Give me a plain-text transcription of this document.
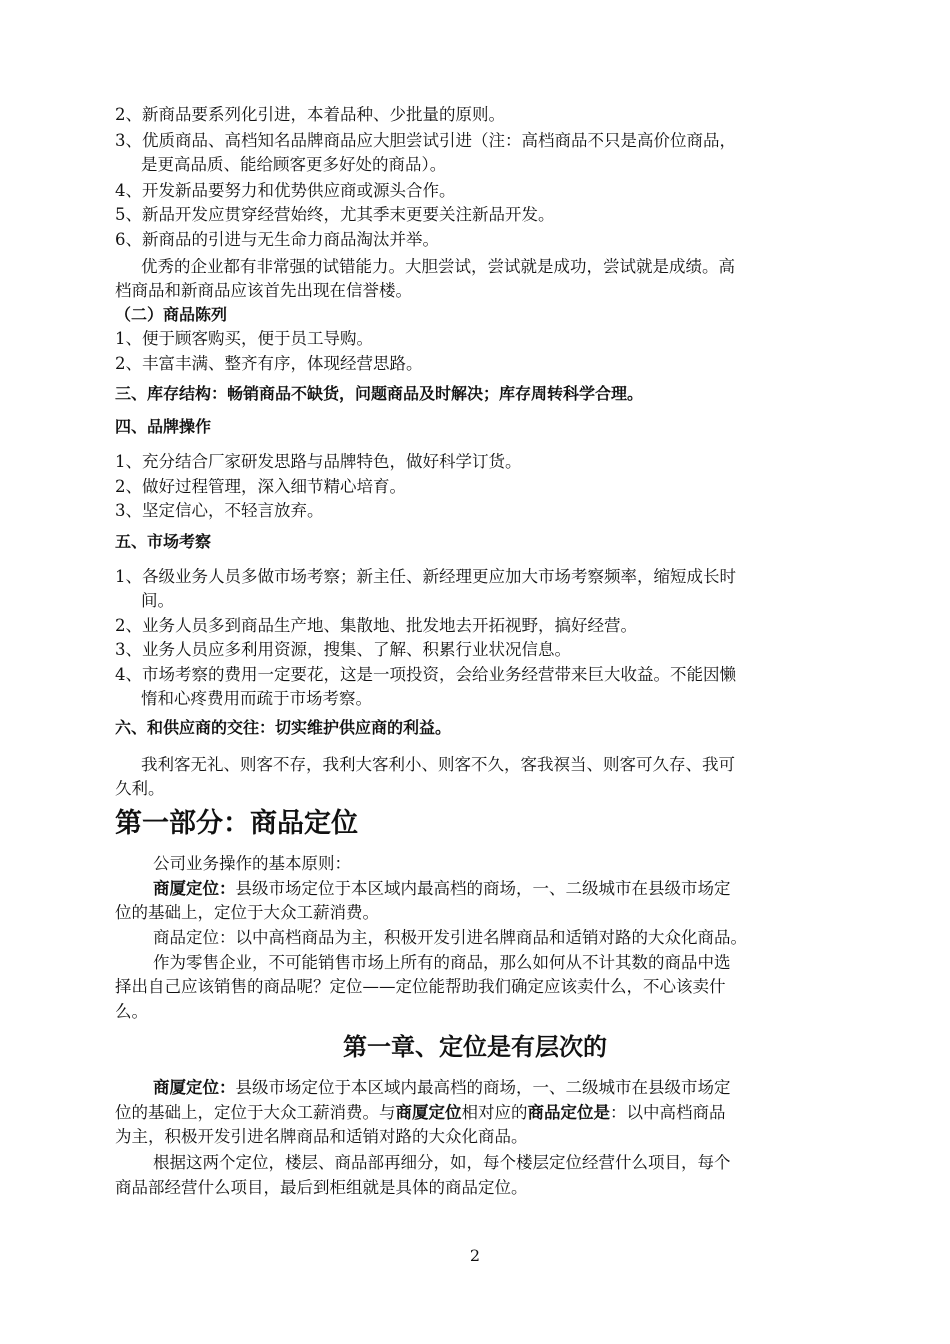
2、新商品要系列化引进，本着品种、少批量的原则。
3、优质商品、高档知名品牌商品应大胆尝试引进（注：高档商品不只是高价位商品，
是更高品质、能给顾客更多好处的商品）。
4、开发新品要努力和优势供应商或源头合作。
5、新品开发应贯穿经营始终，尤其季末更要关注新品开发。
6、新商品的引进与无生命力商品淘汰并举。
优秀的企业都有非常强的试错能力。大胆尝试，尝试就是成功，尝试就是成绩。高
档商品和新商品应该首先出现在信誉楼。
（二）商品陈列
1、便于顾客购买，便于员工导购。
2、丰富丰满、整齐有序，体现经营思路。
三、库存结构：畅销商品不缺货，问题商品及时解决；库存周转科学合理。
四、品牌操作
1、充分结合厂家研发思路与品牌特色，做好科学订货。
2、做好过程管理，深入细节精心培育。
3、坚定信心，不轻言放弃。
五、市场考察
1、各级业务人员多做市场考察；新主任、新经理更应加大市场考察频率，缩短成长时
间。
2、业务人员多到商品生产地、集散地、批发地去开拓视野，搞好经营。
3、业务人员应多利用资源，搜集、了解、积累行业状况信息。
4、市场考察的费用一定要花，这是一项投资，会给业务经营带来巨大收益。不能因懒
惰和心疼费用而疏于市场考察。
六、和供应商的交往：切实维护供应商的利益。
我利客无礼、则客不存，我利大客利小、则客不久，客我䄙当、则客可久存、我可
久利。
第一部分：商品定位
公司业务操作的基本原则：
商厦定位：县级市场定位于本区域内最高档的商场，一、二级城市在县级市场定
位的基础上，定位于大众工薪消费。
商品定位：以中高档商品为主，积极开发引进名牌商品和适销对路的大众化商品。
作为零售企业，不可能销售市场上所有的商品，那么如何从不计其数的商品中选
择出自己应该销售的商品呢？定位——定位能帮助我们确定应该卖什么，不心该卖什
么。
第一章、定位是有层次的
商厦定位：县级市场定位于本区域内最高档的商场，一、二级城市在县级市场定
位的基础上，定位于大众工薪消费。与商厦定位相对应的商品定位是：以中高档商品
为主，积极开发引进名牌商品和适销对路的大众化商品。
根据这两个定位，楼层、商品部再细分，如，每个楼层定位经营什么项目，每个
商品部经营什么项目，最后到柜组就是具体的商品定位。
2
